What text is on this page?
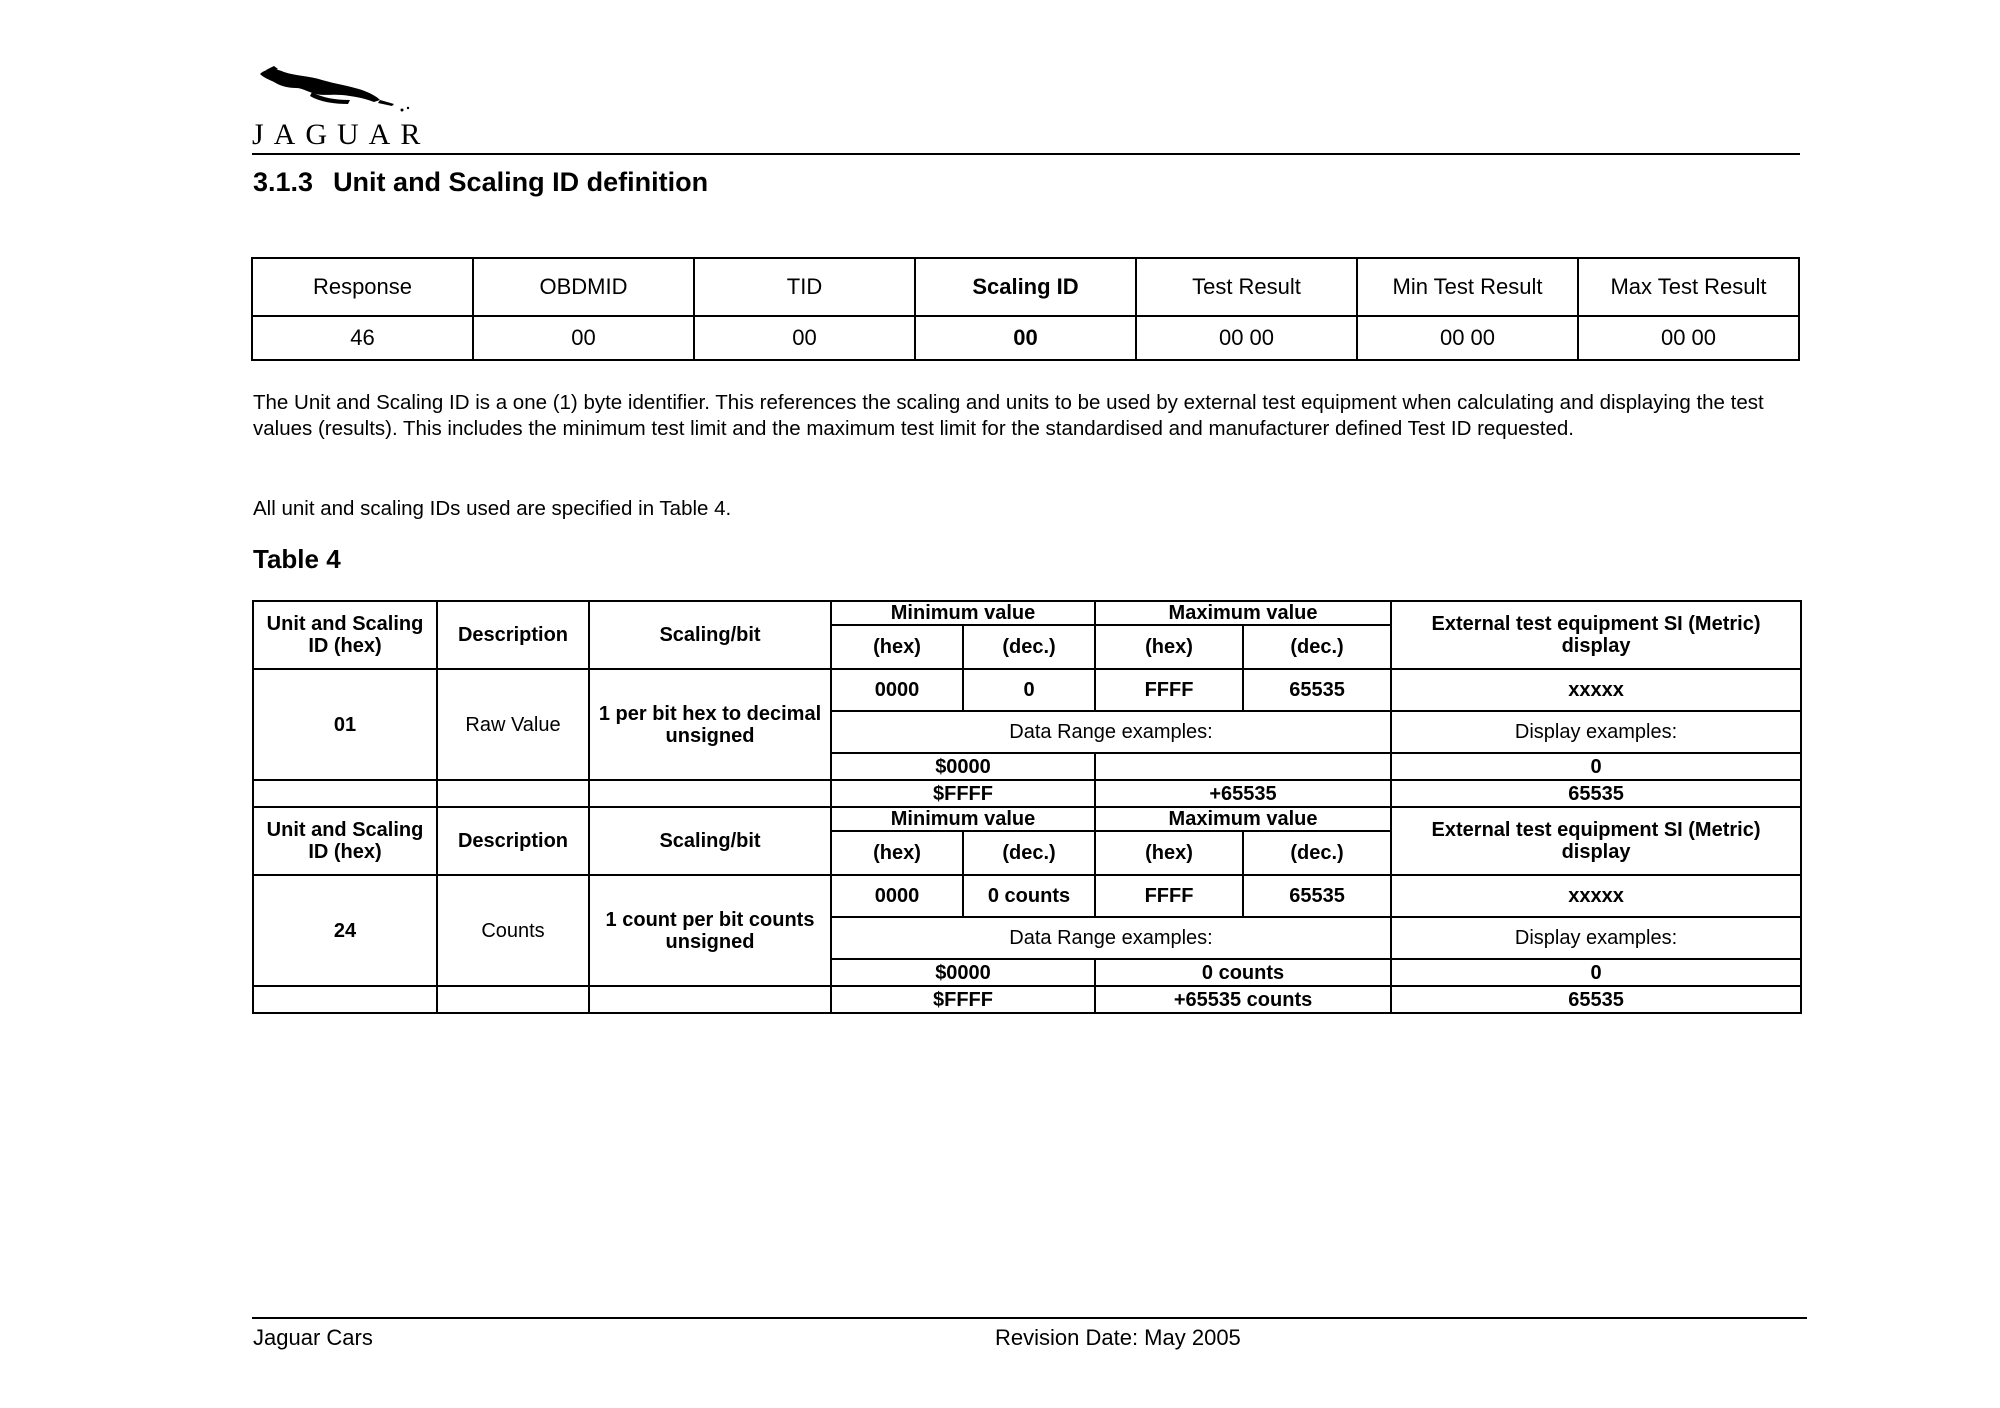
JAGUAR
3.1.3 Unit and Scaling ID definition
Response	OBDMID	TID	Scaling ID	Test Result	Min Test Result	Max Test Result
46	00	00	00	00 00	00 00	00 00
The Unit and Scaling ID is a one (1) byte identifier. This references the scaling and units to be used by external test equipment when calculating and displaying the test values (results). This includes the minimum test limit and the maximum test limit for the standardised and manufacturer defined Test ID requested.
All unit and scaling IDs used are specified in Table 4.
Table 4
Unit and Scaling ID (hex)	Description	Scaling/bit	Minimum value		Maximum value		External test equipment SI (Metric) display
			(hex)	(dec.)	(hex)	(dec.)	
01	Raw Value	1 per bit hex to decimal unsigned	0000	0	FFFF	65535	xxxxx
			Data Range examples:				Display examples:
			$0000				0
			$FFFF		+65535		65535
Unit and Scaling ID (hex)	Description	Scaling/bit	Minimum value		Maximum value		External test equipment SI (Metric) display
			(hex)	(dec.)	(hex)	(dec.)	
24	Counts	1 count per bit counts unsigned	0000	0 counts	FFFF	65535	xxxxx
			Data Range examples:				Display examples:
			$0000		0 counts		0
			$FFFF		+65535 counts		65535
Jaguar Cars	Revision Date: May 2005
